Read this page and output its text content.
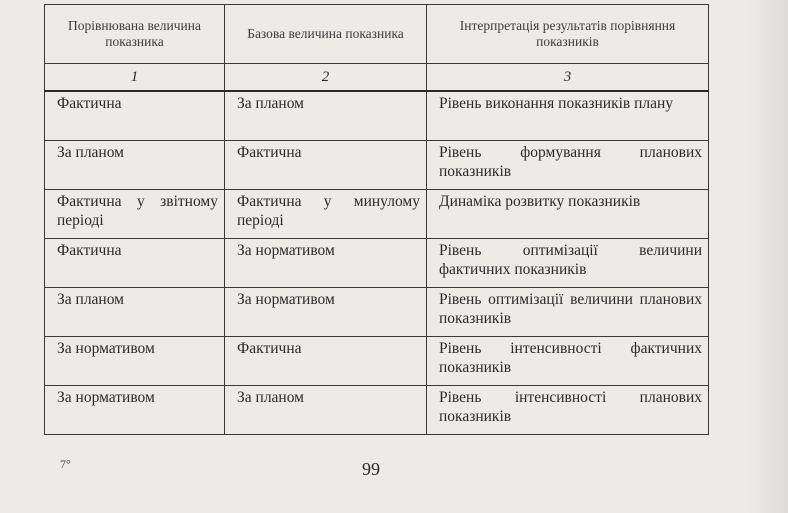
Порівнювана величина показника	Базова величина показника	Інтерпретація результатів порівняння показників
1	2	3
Фактична	За планом	Рівень виконання показників плану
За планом	Фактична	Рівень формування планових показників
Фактична у звітному періоді	Фактична у минулому періоді	Динаміка розвитку показників
Фактична	За нормативом	Рівень оптимізації величини фактичних показників
За планом	За нормативом	Рівень оптимізації величини планових показників
За нормативом	Фактична	Рівень інтенсивності фактичних показників
За нормативом	За планом	Рівень інтенсивності планових показників
7°	99
